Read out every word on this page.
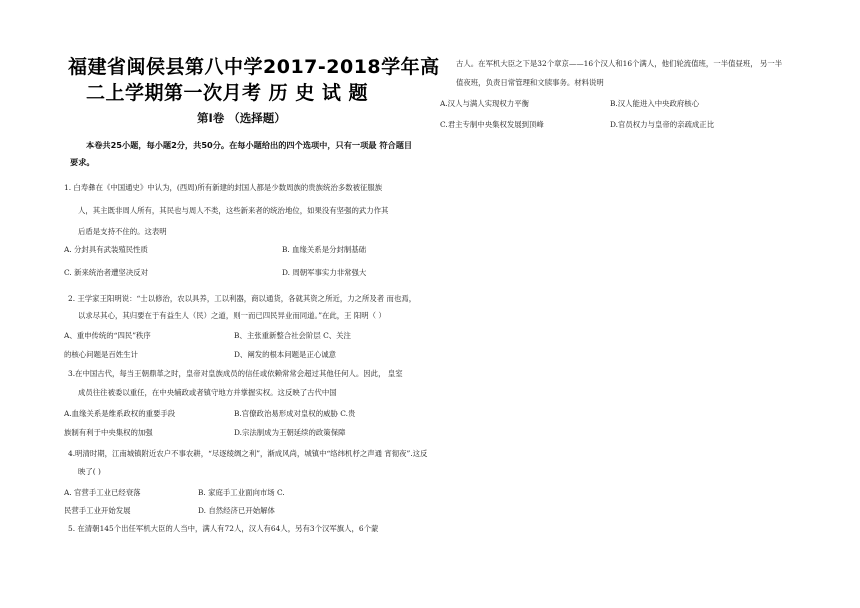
福建省闽侯县第八中学2017-2018学年高
二上学期第一次月考 历 史 试 题
第Ⅰ卷 （选择题）
本卷共25小题，每小题2分，共50分。在每小题给出的四个选项中，只有一项最 符合题目
要求。
1. 白寿彝在《中国通史》中认为，(西周)所有新建的封国人都是少数周族的贵族统治多数被征服族
人，其主既非周人所有，其民也与周人不类，这些新来者的统治地位，如果没有坚强的武力作其
后盾是支持不住的。这表明
A. 分封具有武装殖民性质	B. 血缘关系是分封制基础
C. 新来统治者遭坚决反对	D. 周朝军事实力非常强大
2. 王学家王阳明说：“士以修治，农以具养，工以利器，商以通货，各就其资之所近，力之所及者 而也焉，
以求尽其心，其归要在于有益生人（民）之道，则一而已四民异业而同道。”在此，王 阳明（ ）
A、重申传统的“四民”秩序	B、主张重新整合社会阶层 C、关注
的核心问题是百姓生计	D、阐发的根本问题是正心诚意
3.在中国古代，每当王朝鼎革之时，皇帝对皇族成员的信任或依赖常常会超过其他任何人。因此， 皇室
成员往往被委以重任，在中央辅政或者镇守地方并掌握实权。这反映了古代中国
A.血缘关系是维系政权的重要手段	B.官僚政治易形成对皇权的威胁 C.贵
族制有利于中央集权的加强	D.宗法制成为王朝延续的政策保障
4.明清时期，江南城镇附近农户不事农耕，“尽逐绫绸之利”，渐成风尚，城镇中“络纬机杼之声通 宵彻夜”.这反
映了( )
A. 官营手工业已经衰落	B. 家庭手工业面向市场 C.
民营手工业开始发展	D. 自然经济已开始解体
5. 在清朝145个出任军机大臣的人当中，满人有72人，汉人有64人，另有3个汉军旗人，6个蒙
古人。在军机大臣之下是32个章京——16个汉人和16个满人，他们轮流值班，一半值昼班， 另一半
值夜班，负责日常管理和文牍事务。材料说明
A.汉人与满人实现权力平衡	B.汉人能进入中央政府核心
C.君主专制中央集权发展到顶峰	D.官员权力与皇帝的亲疏成正比
